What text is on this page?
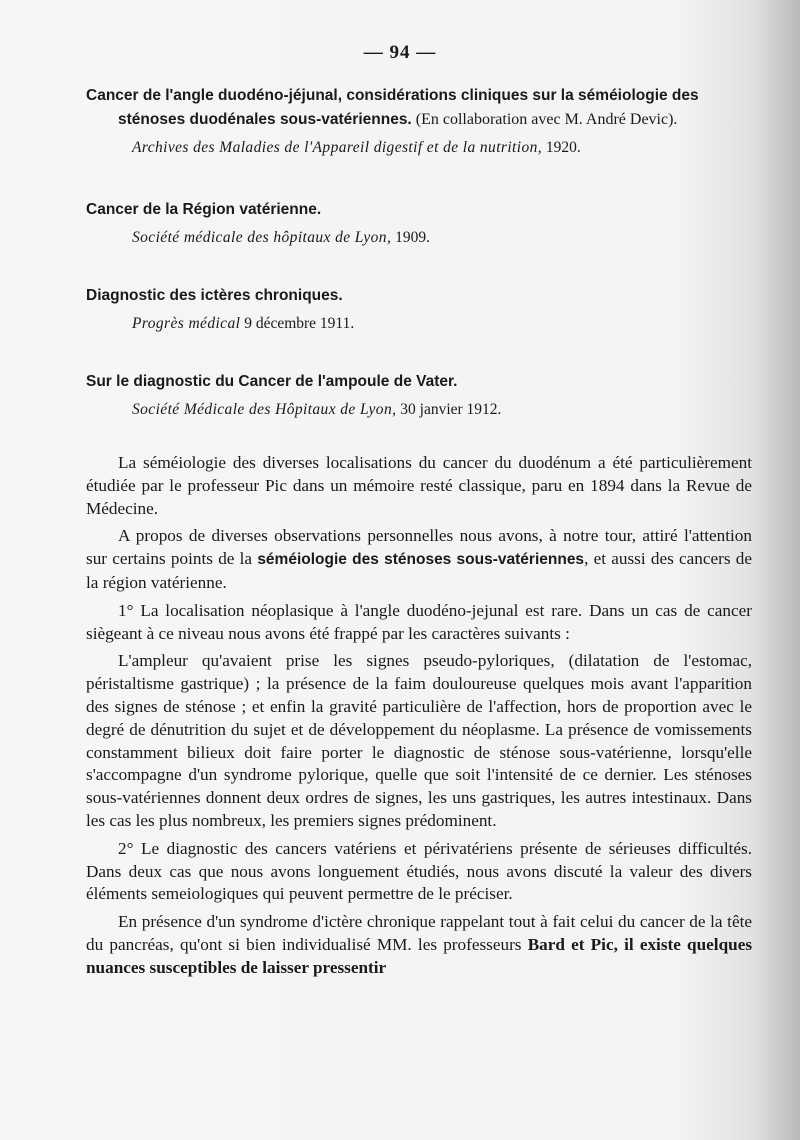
— 94 —
Cancer de l'angle duodéno-jéjunal, considérations cliniques sur la séméiologie des
sténoses duodénales sous-vatériennes. (En collaboration avec M. André Devic).
Archives des Maladies de l'Appareil digestif et de la nutrition, 1920.
Cancer de la Région vatérienne.
Société médicale des hôpitaux de Lyon, 1909.
Diagnostic des ictères chroniques.
Progrès médical 9 décembre 1911.
Sur le diagnostic du Cancer de l'ampoule de Vater.
Société Médicale des Hôpitaux de Lyon, 30 janvier 1912.

La séméiologie des diverses localisations du cancer du duodénum a été particulièrement étudiée par le professeur Pic dans un mémoire resté classique, paru en 1894 dans la Revue de Médecine.

A propos de diverses observations personnelles nous avons, à notre tour, attiré l'attention sur certains points de la séméiologie des sténoses sous-vatériennes, et aussi des cancers de la région vatérienne.

1° La localisation néoplasique à l'angle duodéno-jejunal est rare. Dans un cas de cancer siègeant à ce niveau nous avons été frappé par les caractères suivants :

L'ampleur qu'avaient prise les signes pseudo-pyloriques, (dilatation de l'estomac, péristaltisme gastrique) ; la présence de la faim douloureuse quelques mois avant l'apparition des signes de sténose ; et enfin la gravité particulière de l'affection, hors de proportion avec le degré de dénutrition du sujet et de développement du néoplasme. La présence de vomissements constamment bilieux doit faire porter le diagnostic de sténose sous-vatérienne, lorsqu'elle s'accompagne d'un syndrome pylorique, quelle que soit l'intensité de ce dernier. Les sténoses sous-vatériennes donnent deux ordres de signes, les uns gastriques, les autres intestinaux. Dans les cas les plus nombreux, les premiers signes prédominent.

2° Le diagnostic des cancers vatériens et périvatériens présente de sérieuses difficultés. Dans deux cas que nous avons longuement étudiés, nous avons discuté la valeur des divers éléments semeiologiques qui peuvent permettre de le préciser.

En présence d'un syndrome d'ictère chronique rappelant tout à fait celui du cancer de la tête du pancréas, qu'ont si bien individualisé MM. les professeurs Bard et Pic, il existe quelques nuances susceptibles de laisser pressentir
